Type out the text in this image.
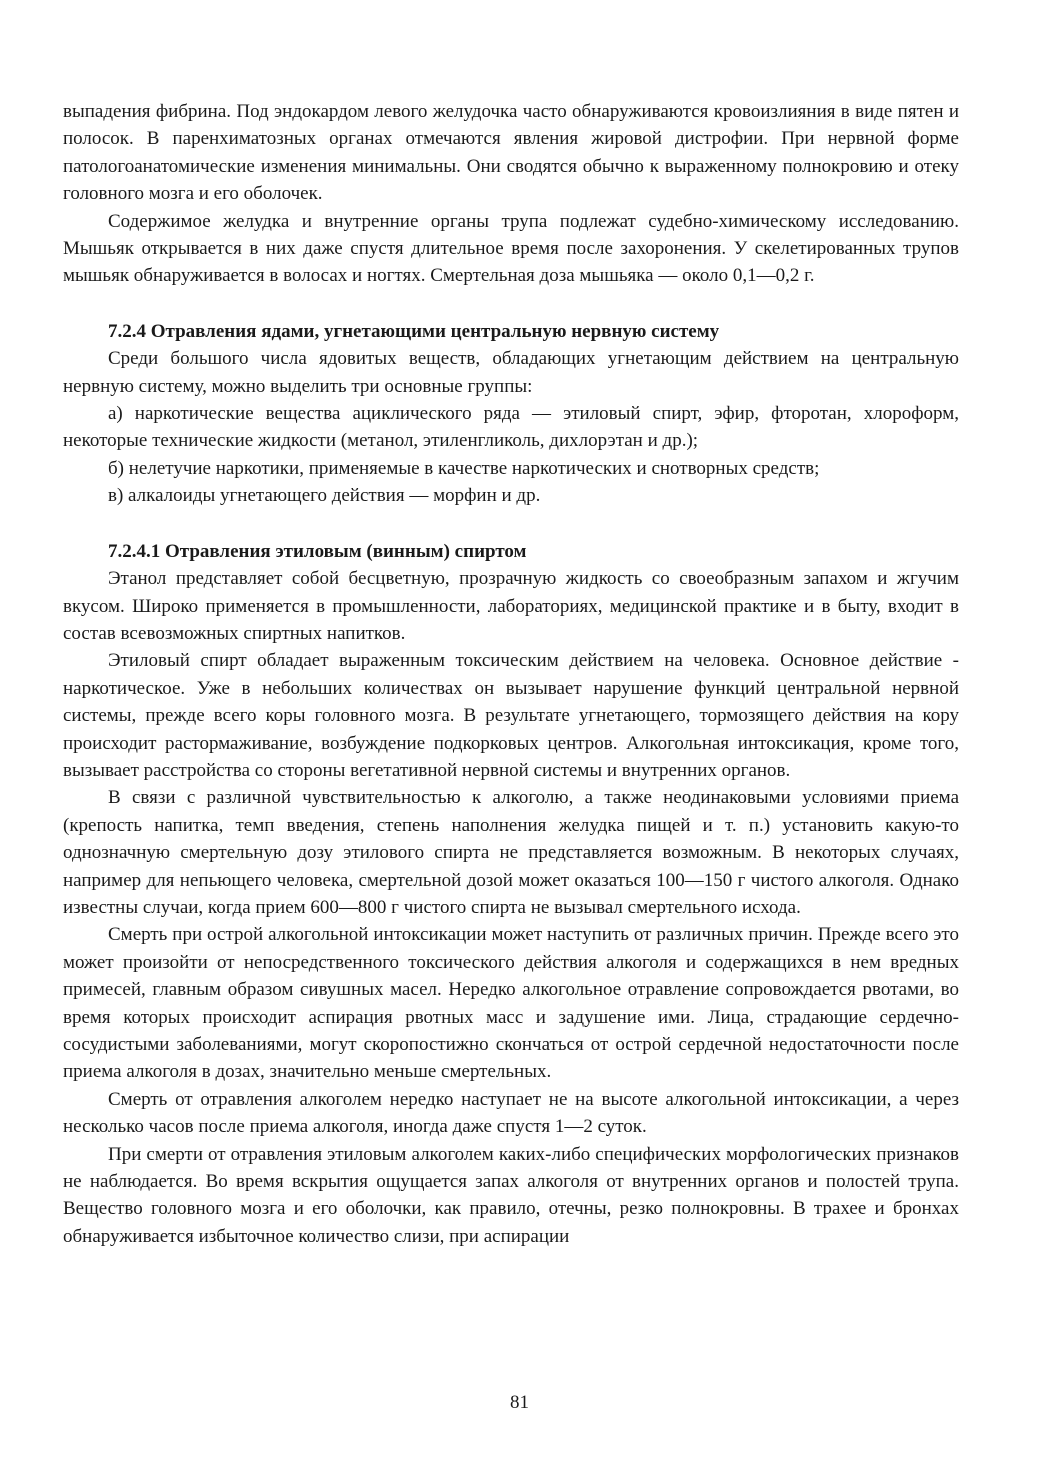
выпадения фибрина. Под эндокардом левого желудочка часто обнаруживаются кровоизлияния в виде пятен и полосок. В паренхиматозных органах отмечаются явления жировой дистрофии. При нервной форме патологоанатомические изменения минимальны. Они сводятся обычно к выраженному полнокровию и отеку головного мозга и его оболочек.

Содержимое желудка и внутренние органы трупа подлежат судебно-химическому исследованию. Мышьяк открывается в них даже спустя длительное время после захоронения. У скелетированных трупов мышьяк обнаруживается в волосах и ногтях. Смертельная доза мышьяка — около 0,1—0,2 г.

7.2.4 Отравления ядами, угнетающими центральную нервную систему

Среди большого числа ядовитых веществ, обладающих угнетающим действием на центральную нервную систему, можно выделить три основные группы:

а) наркотические вещества ациклического ряда — этиловый спирт, эфир, фторотан, хлороформ, некоторые технические жидкости (метанол, этиленгликоль, дихлорэтан и др.);

б) нелетучие наркотики, применяемые в качестве наркотических и снотворных средств;

в) алкалоиды угнетающего действия — морфин и др.

7.2.4.1 Отравления этиловым (винным) спиртом

Этанол представляет собой бесцветную, прозрачную жидкость со своеобразным запахом и жгучим вкусом. Широко применяется в промышленности, лабораториях, медицинской практике и в быту, входит в состав всевозможных спиртных напитков.

Этиловый спирт обладает выраженным токсическим действием на человека. Основное действие - наркотическое. Уже в небольших количествах он вызывает нарушение функций центральной нервной системы, прежде всего коры головного мозга. В результате угнетающего, тормозящего действия на кору происходит растормаживание, возбуждение подкорковых центров. Алкогольная интоксикация, кроме того, вызывает расстройства со стороны вегетативной нервной системы и внутренних органов.

В связи с различной чувствительностью к алкоголю, а также неодинаковыми условиями приема (крепость напитка, темп введения, степень наполнения желудка пищей и т. п.) установить какую-то однозначную смертельную дозу этилового спирта не представляется возможным. В некоторых случаях, например для непьющего человека, смертельной дозой может оказаться 100—150 г чистого алкоголя. Однако известны случаи, когда прием 600—800 г чистого спирта не вызывал смертельного исхода.

Смерть при острой алкогольной интоксикации может наступить от различных причин. Прежде всего это может произойти от непосредственного токсического действия алкоголя и содержащихся в нем вредных примесей, главным образом сивушных масел. Нередко алкогольное отравление сопровождается рвотами, во время которых происходит аспирация рвотных масс и задушение ими. Лица, страдающие сердечно-сосудистыми заболеваниями, могут скоропостижно скончаться от острой сердечной недостаточности после приема алкоголя в дозах, значительно меньше смертельных.

Смерть от отравления алкоголем нередко наступает не на высоте алкогольной интоксикации, а через несколько часов после приема алкоголя, иногда даже спустя 1—2 суток.

При смерти от отравления этиловым алкоголем каких-либо специфических морфологических признаков не наблюдается. Во время вскрытия ощущается запах алкоголя от внутренних органов и полостей трупа. Вещество головного мозга и его оболочки, как правило, отечны, резко полнокровны. В трахее и бронхах обнаруживается избыточное количество слизи, при аспирации

81
